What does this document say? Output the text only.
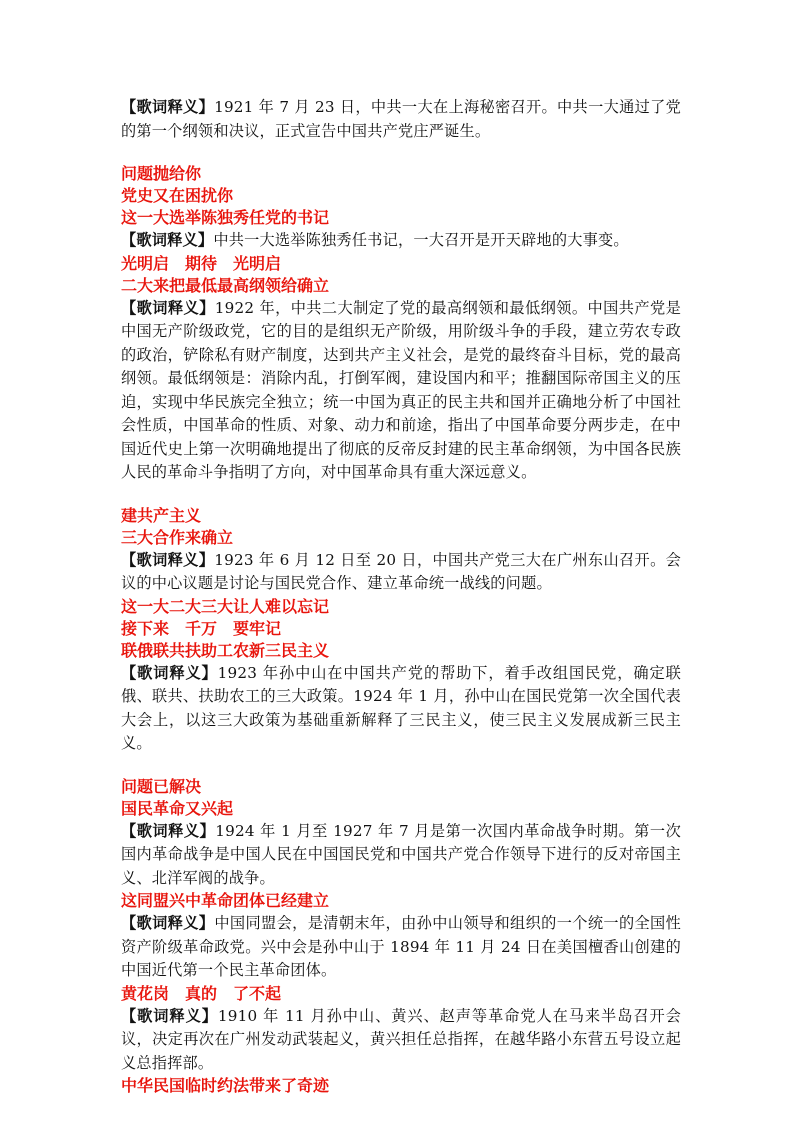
【歌词释义】1921 年 7 月 23 日，中共一大在上海秘密召开。中共一大通过了党的第一个纲领和决议，正式宣告中国共产党庄严诞生。

问题抛给你

党史又在困扰你

这一大选举陈独秀任党的书记

【歌词释义】中共一大选举陈独秀任书记，一大召开是开天辟地的大事变。

光明启　期待　光明启

二大来把最低最高纲领给确立

【歌词释义】1922 年，中共二大制定了党的最高纲领和最低纲领。中国共产党是中国无产阶级政党，它的目的是组织无产阶级，用阶级斗争的手段，建立劳农专政的政治，铲除私有财产制度，达到共产主义社会，是党的最终奋斗目标，党的最高纲领。最低纲领是：消除内乱，打倒军阀，建设国内和平；推翻国际帝国主义的压迫，实现中华民族完全独立；统一中国为真正的民主共和国并正确地分析了中国社会性质，中国革命的性质、对象、动力和前途，指出了中国革命要分两步走，在中国近代史上第一次明确地提出了彻底的反帝反封建的民主革命纲领，为中国各民族人民的革命斗争指明了方向，对中国革命具有重大深远意义。

建共产主义

三大合作来确立

【歌词释义】1923 年 6 月 12 日至 20 日，中国共产党三大在广州东山召开。会议的中心议题是讨论与国民党合作、建立革命统一战线的问题。

这一大二大三大让人难以忘记

接下来　千万　要牢记

联俄联共扶助工农新三民主义

【歌词释义】1923 年孙中山在中国共产党的帮助下，着手改组国民党，确定联俄、联共、扶助农工的三大政策。1924 年 1 月，孙中山在国民党第一次全国代表大会上，以这三大政策为基础重新解释了三民主义，使三民主义发展成新三民主义。

问题已解决

国民革命又兴起

【歌词释义】1924 年 1 月至 1927 年 7 月是第一次国内革命战争时期。第一次国内革命战争是中国人民在中国国民党和中国共产党合作领导下进行的反对帝国主义、北洋军阀的战争。

这同盟兴中革命团体已经建立

【歌词释义】中国同盟会，是清朝末年，由孙中山领导和组织的一个统一的全国性资产阶级革命政党。兴中会是孙中山于 1894 年 11 月 24 日在美国檀香山创建的中国近代第一个民主革命团体。

黄花岗　真的　了不起

【歌词释义】1910 年 11 月孙中山、黄兴、赵声等革命党人在马来半岛召开会议，决定再次在广州发动武装起义，黄兴担任总指挥，在越华路小东营五号设立起义总指挥部。

中华民国临时约法带来了奇迹
